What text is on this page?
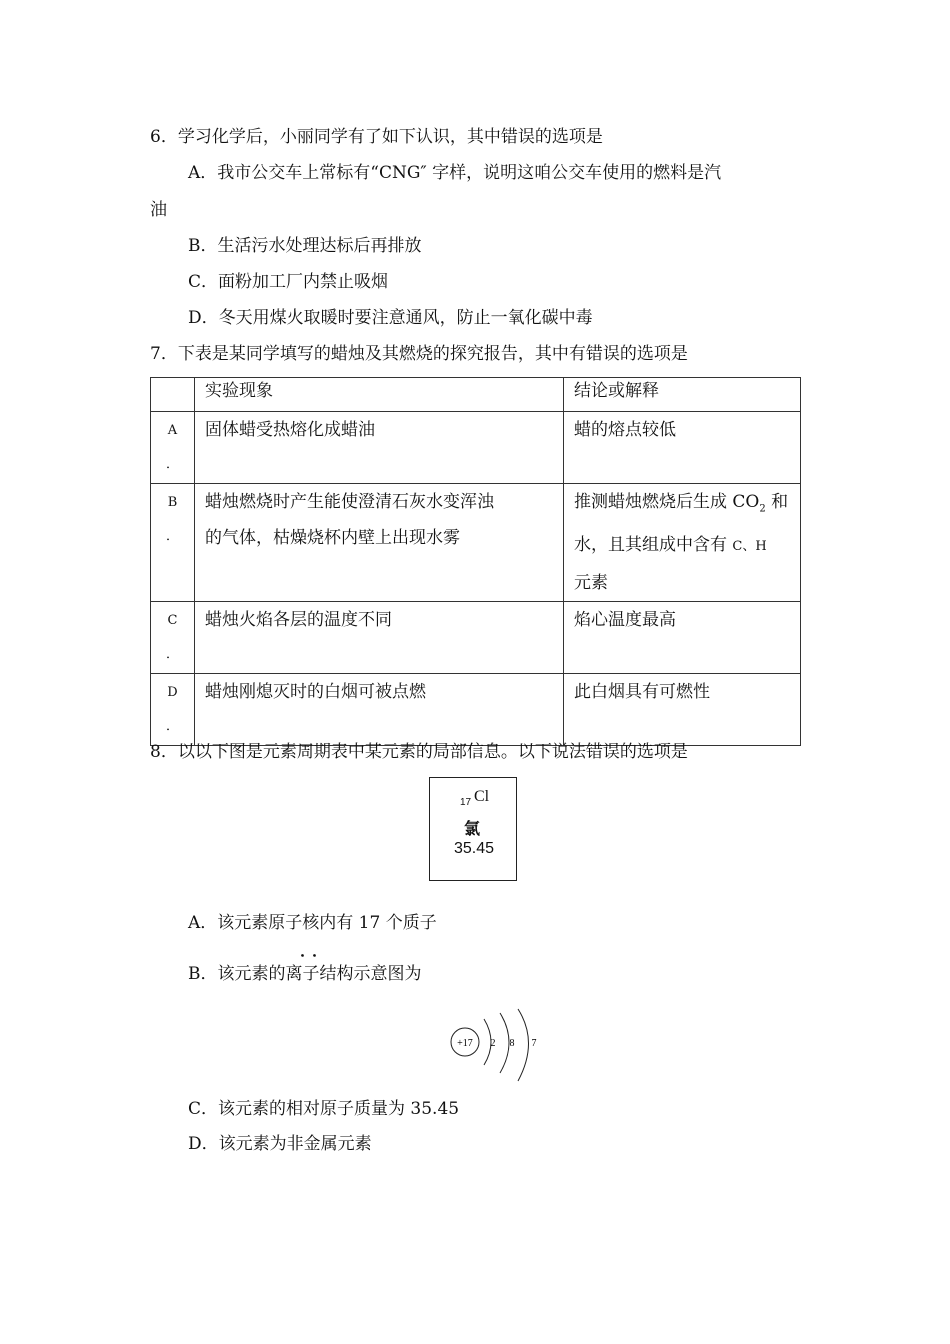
6．学习化学后，小丽同学有了如下认识，其中错误的选项是
A．我市公交车上常标有“CNG″ 字样，说明这咱公交车使用的燃料是汽
油
B．生活污水处理达标后再排放
C．面粉加工厂内禁止吸烟
D．冬天用煤火取暖时要注意通风，防止一氧化碳中毒
7．下表是某同学填写的蜡烛及其燃烧的探究报告，其中有错误的选项是
	实验现象	结论或解释

A
．	固体蜡受热熔化成蜡油	蜡的熔点较低

B
．	蜡烛燃烧时产生能使澄清石灰水变浑浊
的气体，枯燥烧杯内壁上出现水雾	推测蜡烛燃烧后生成 $CO_2$ 和
水，且其组成中含有 C、H
元素

C
．	蜡烛火焰各层的温度不同	焰心温度最高

D
．	蜡烛刚熄灭时的白烟可被点燃	此白烟具有可燃性
8．以以下图是元素周期表中某元素的局部信息。以下说法错误的选项是
17 Cl
氯
35.45
A．该元素原子核内有 17 个质子
．．
B．该元素的离子结构示意图为
+17 2 8 7
C．该元素的相对原子质量为 35.45
D．该元素为非金属元素
